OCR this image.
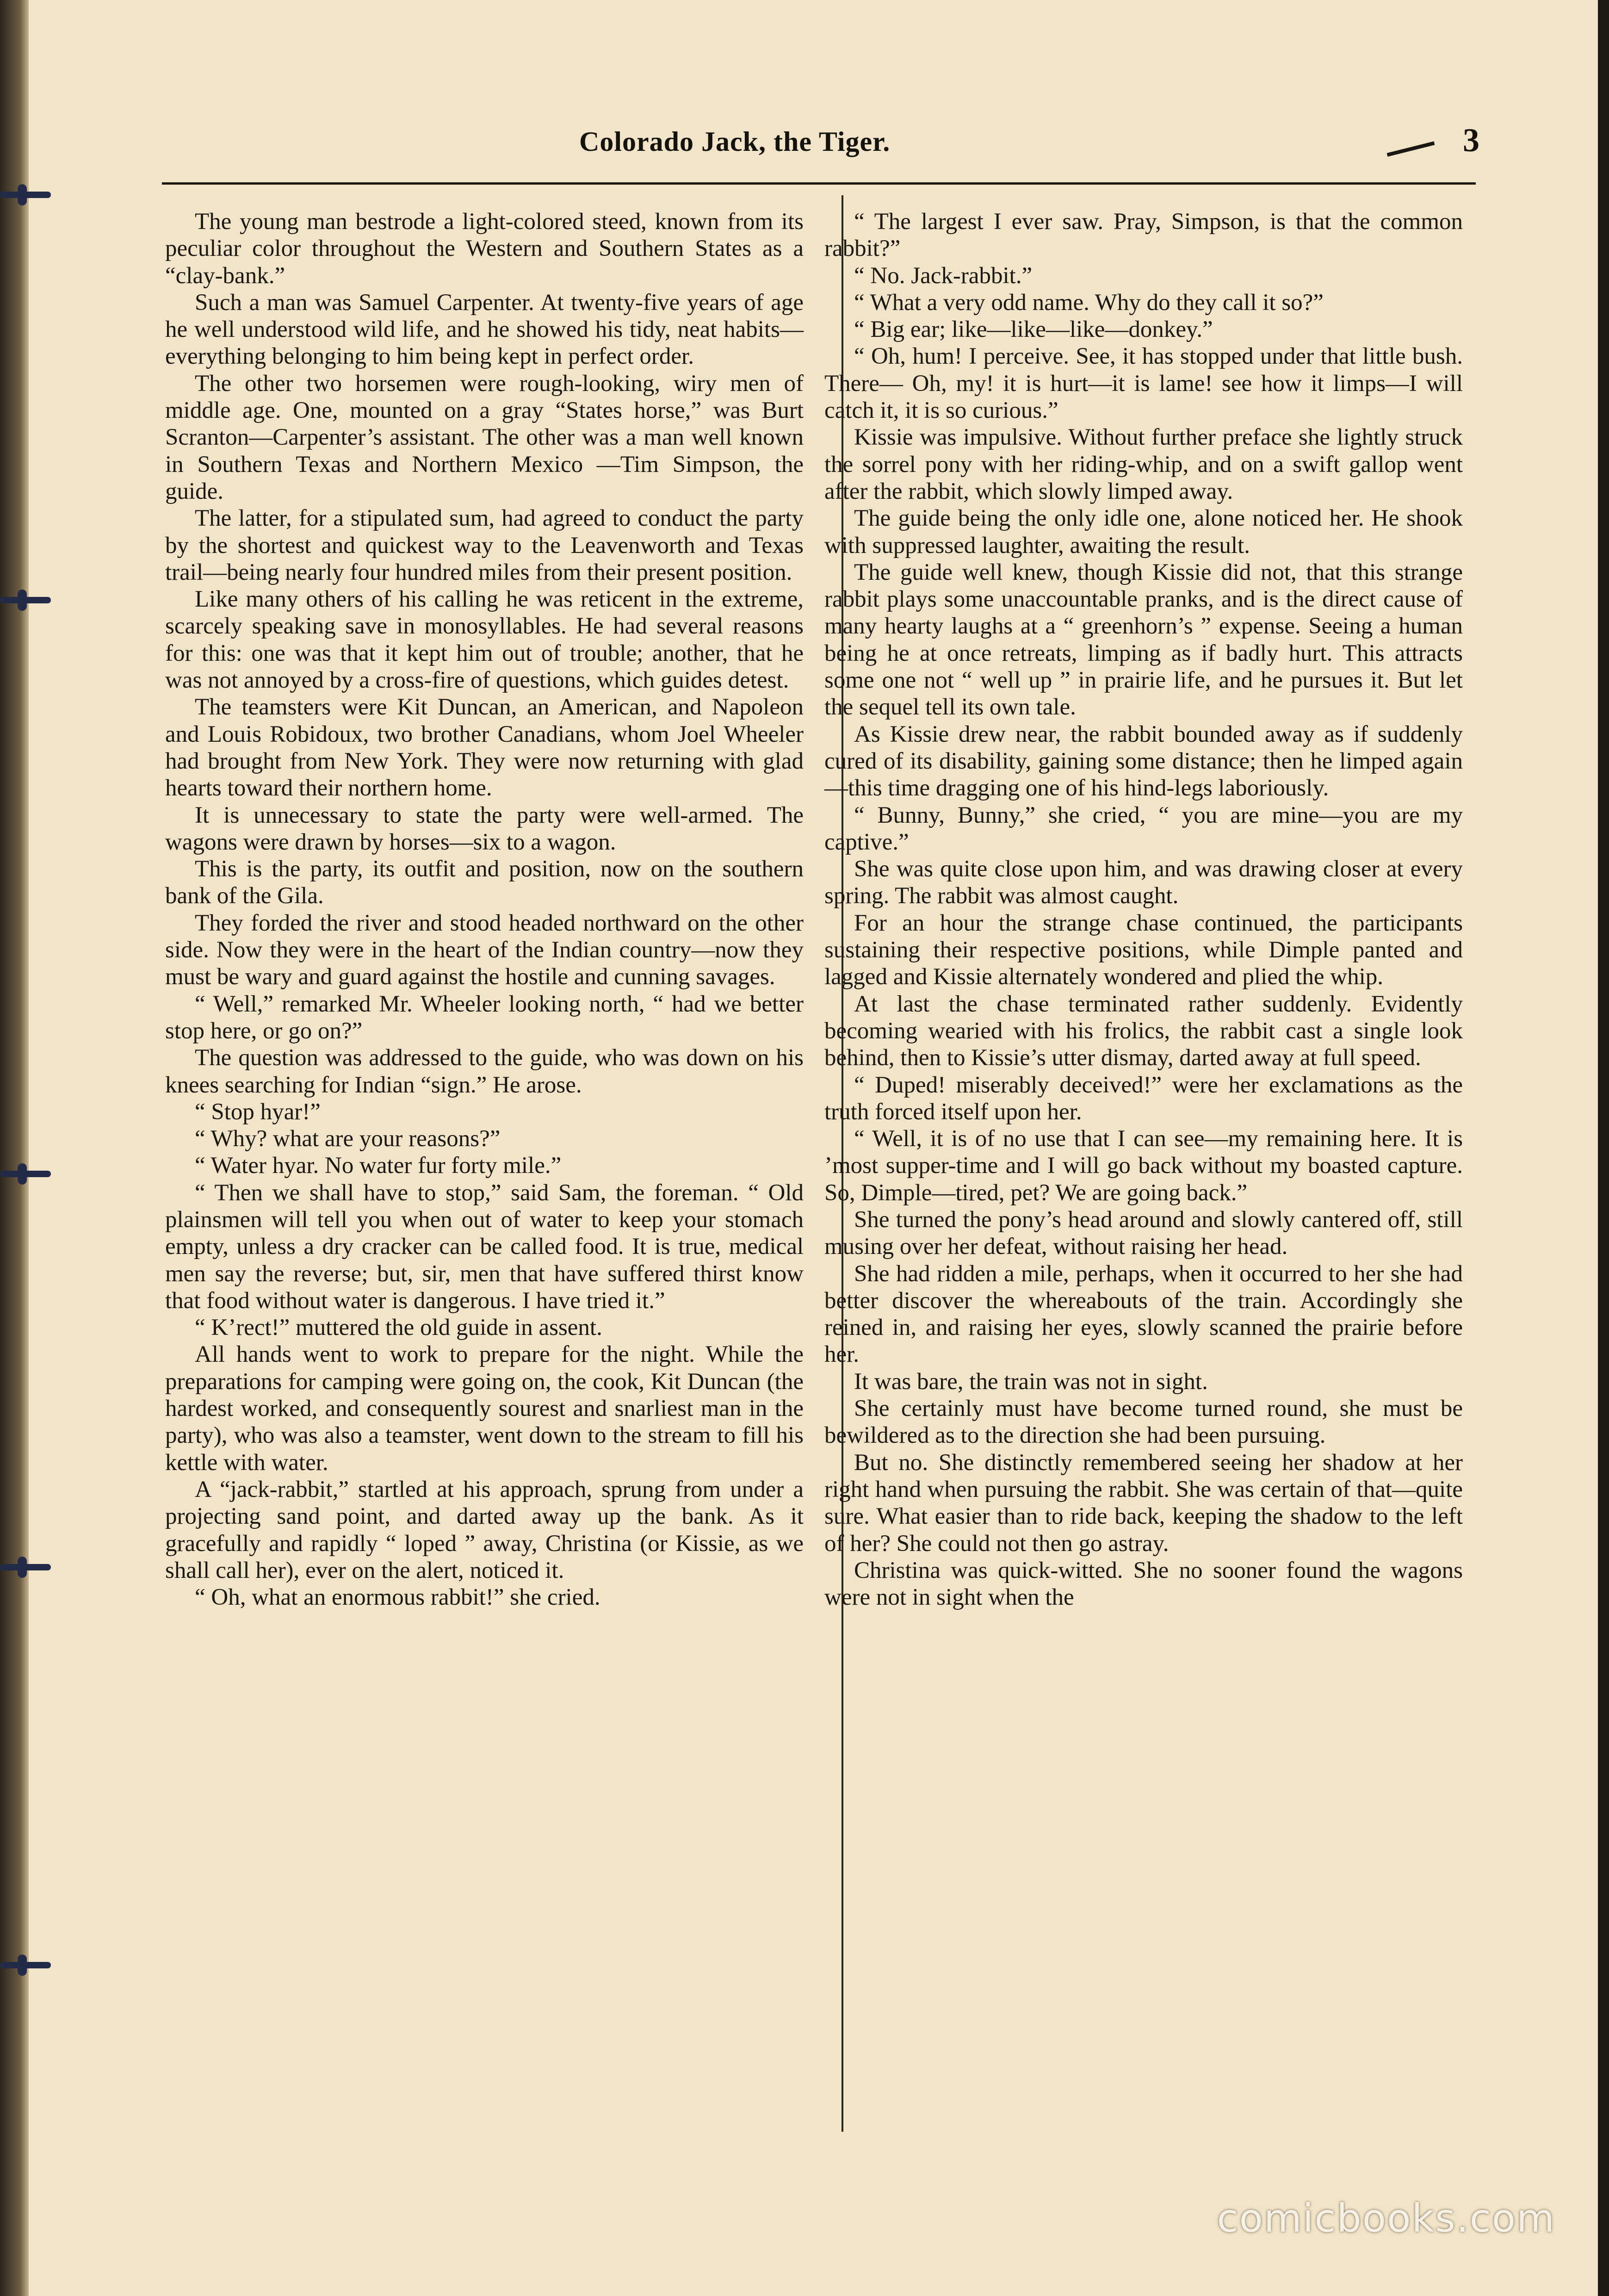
Colorado Jack, the Tiger.	3

The young man bestrode a light-colored steed, known from its peculiar color throughout the Western and Southern States as a “clay-bank.”

Such a man was Samuel Carpenter. At twenty-five years of age he well understood wild life, and he showed his tidy, neat habits—everything belonging to him being kept in perfect order.

The other two horsemen were rough-looking, wiry men of middle age. One, mounted on a gray “States horse,” was Burt Scranton—Carpenter’s assistant. The other was a man well known in Southern Texas and Northern Mexico —Tim Simpson, the guide.

The latter, for a stipulated sum, had agreed to conduct the party by the shortest and quickest way to the Leavenworth and Texas trail—being nearly four hundred miles from their present position.

Like many others of his calling he was reticent in the extreme, scarcely speaking save in monosyllables. He had several reasons for this: one was that it kept him out of trouble; another, that he was not annoyed by a cross-fire of questions, which guides detest.

The teamsters were Kit Duncan, an American, and Napoleon and Louis Robidoux, two brother Canadians, whom Joel Wheeler had brought from New York. They were now returning with glad hearts toward their northern home.

It is unnecessary to state the party were well-armed. The wagons were drawn by horses—six to a wagon.

This is the party, its outfit and position, now on the southern bank of the Gila.

They forded the river and stood headed northward on the other side. Now they were in the heart of the Indian country—now they must be wary and guard against the hostile and cunning savages.

“ Well,” remarked Mr. Wheeler looking north, “ had we better stop here, or go on?”

The question was addressed to the guide, who was down on his knees searching for Indian “sign.” He arose.

“ Stop hyar!”

“ Why? what are your reasons?”

“ Water hyar. No water fur forty mile.”

“ Then we shall have to stop,” said Sam, the foreman. “ Old plainsmen will tell you when out of water to keep your stomach empty, unless a dry cracker can be called food. It is true, medical men say the reverse; but, sir, men that have suffered thirst know that food without water is dangerous. I have tried it.”

“ K’rect!” muttered the old guide in assent.

All hands went to work to prepare for the night. While the preparations for camping were going on, the cook, Kit Duncan (the hardest worked, and consequently sourest and snarliest man in the party), who was also a teamster, went down to the stream to fill his kettle with water.

A “jack-rabbit,” startled at his approach, sprung from under a projecting sand point, and darted away up the bank. As it gracefully and rapidly “ loped ” away, Christina (or Kissie, as we shall call her), ever on the alert, noticed it.

“ Oh, what an enormous rabbit!” she cried.

“ The largest I ever saw. Pray, Simpson, is that the common rabbit?”

“ No. Jack-rabbit.”

“ What a very odd name. Why do they call it so?”

“ Big ear; like—like—like—donkey.”

“ Oh, hum! I perceive. See, it has stopped under that little bush. There— Oh, my! it is hurt—it is lame! see how it limps—I will catch it, it is so curious.”

Kissie was impulsive. Without further preface she lightly struck the sorrel pony with her riding-whip, and on a swift gallop went after the rabbit, which slowly limped away.

The guide being the only idle one, alone noticed her. He shook with suppressed laughter, awaiting the result.

The guide well knew, though Kissie did not, that this strange rabbit plays some unaccountable pranks, and is the direct cause of many hearty laughs at a “ greenhorn’s ” expense. Seeing a human being he at once retreats, limping as if badly hurt. This attracts some one not “ well up ” in prairie life, and he pursues it. But let the sequel tell its own tale.

As Kissie drew near, the rabbit bounded away as if suddenly cured of its disability, gaining some distance; then he limped again—this time dragging one of his hind-legs laboriously.

“ Bunny, Bunny,” she cried, “ you are mine—you are my captive.”

She was quite close upon him, and was drawing closer at every spring. The rabbit was almost caught.

For an hour the strange chase continued, the participants sustaining their respective positions, while Dimple panted and lagged and Kissie alternately wondered and plied the whip.

At last the chase terminated rather suddenly. Evidently becoming wearied with his frolics, the rabbit cast a single look behind, then to Kissie’s utter dismay, darted away at full speed.

“ Duped! miserably deceived!” were her exclamations as the truth forced itself upon her.

“ Well, it is of no use that I can see—my remaining here. It is ’most supper-time and I will go back without my boasted capture. So, Dimple—tired, pet? We are going back.”

She turned the pony’s head around and slowly cantered off, still musing over her defeat, without raising her head.

She had ridden a mile, perhaps, when it occurred to her she had better discover the whereabouts of the train. Accordingly she reined in, and raising her eyes, slowly scanned the prairie before her.

It was bare, the train was not in sight.

She certainly must have become turned round, she must be bewildered as to the direction she had been pursuing.

But no. She distinctly remembered seeing her shadow at her right hand when pursuing the rabbit. She was certain of that—quite sure. What easier than to ride back, keeping the shadow to the left of her? She could not then go astray.

Christina was quick-witted. She no sooner found the wagons were not in sight when the

comicbooks.com
